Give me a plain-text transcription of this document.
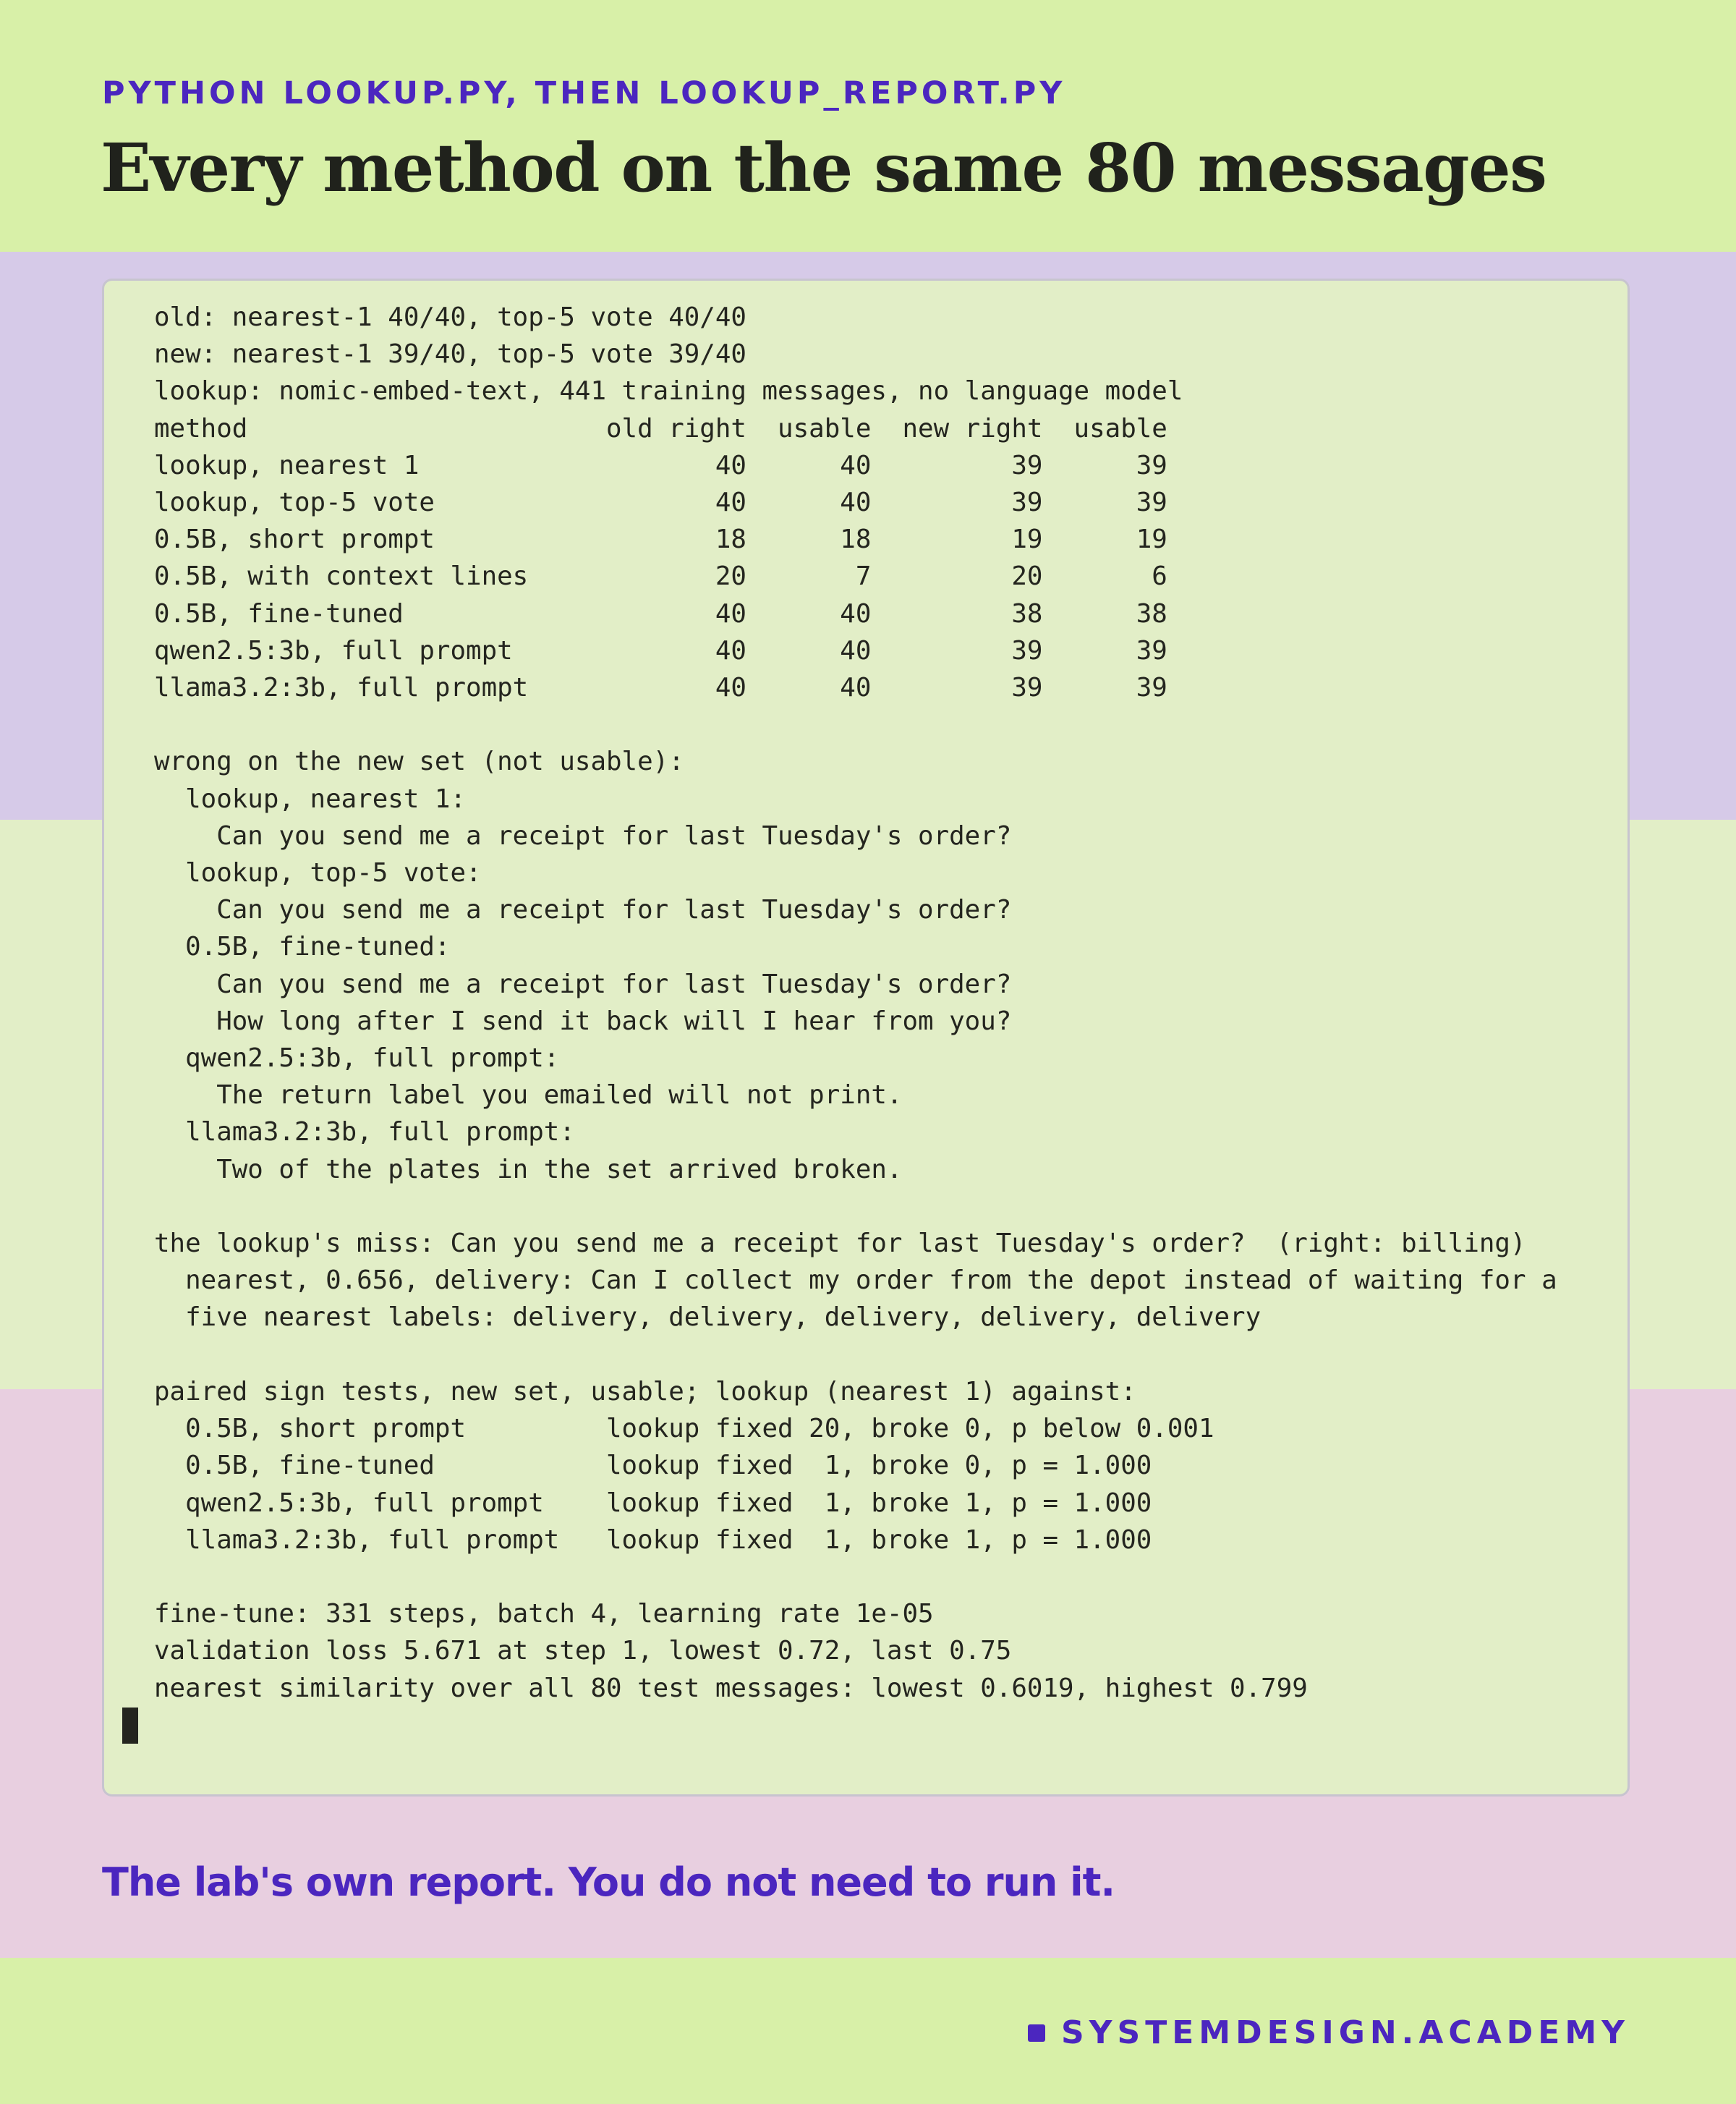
PYTHON LOOKUP.PY, THEN LOOKUP_REPORT.PY
Every method on the same 80 messages
old: nearest-1 40/40, top-5 vote 40/40
new: nearest-1 39/40, top-5 vote 39/40
lookup: nomic-embed-text, 441 training messages, no language model
method                       old right  usable  new right  usable
lookup, nearest 1                   40      40         39      39
lookup, top-5 vote                  40      40         39      39
0.5B, short prompt                  18      18         19      19
0.5B, with context lines            20       7         20       6
0.5B, fine-tuned                    40      40         38      38
qwen2.5:3b, full prompt             40      40         39      39
llama3.2:3b, full prompt            40      40         39      39

wrong on the new set (not usable):
lookup, nearest 1:
Can you send me a receipt for last Tuesday's order?
lookup, top-5 vote:
Can you send me a receipt for last Tuesday's order?
0.5B, fine-tuned:
Can you send me a receipt for last Tuesday's order?
How long after I send it back will I hear from you?
qwen2.5:3b, full prompt:
The return label you emailed will not print.
llama3.2:3b, full prompt:
Two of the plates in the set arrived broken.

the lookup's miss: Can you send me a receipt for last Tuesday's order?  (right: billing)
nearest, 0.656, delivery: Can I collect my order from the depot instead of waiting for a
five nearest labels: delivery, delivery, delivery, delivery, delivery

paired sign tests, new set, usable; lookup (nearest 1) against:
0.5B, short prompt         lookup fixed 20, broke 0, p below 0.001
0.5B, fine-tuned           lookup fixed  1, broke 0, p = 1.000
qwen2.5:3b, full prompt    lookup fixed  1, broke 1, p = 1.000
llama3.2:3b, full prompt   lookup fixed  1, broke 1, p = 1.000

fine-tune: 331 steps, batch 4, learning rate 1e-05
validation loss 5.671 at step 1, lowest 0.72, last 0.75
nearest similarity over all 80 test messages: lowest 0.6019, highest 0.799
The lab's own report. You do not need to run it.
SYSTEMDESIGN.ACADEMY
